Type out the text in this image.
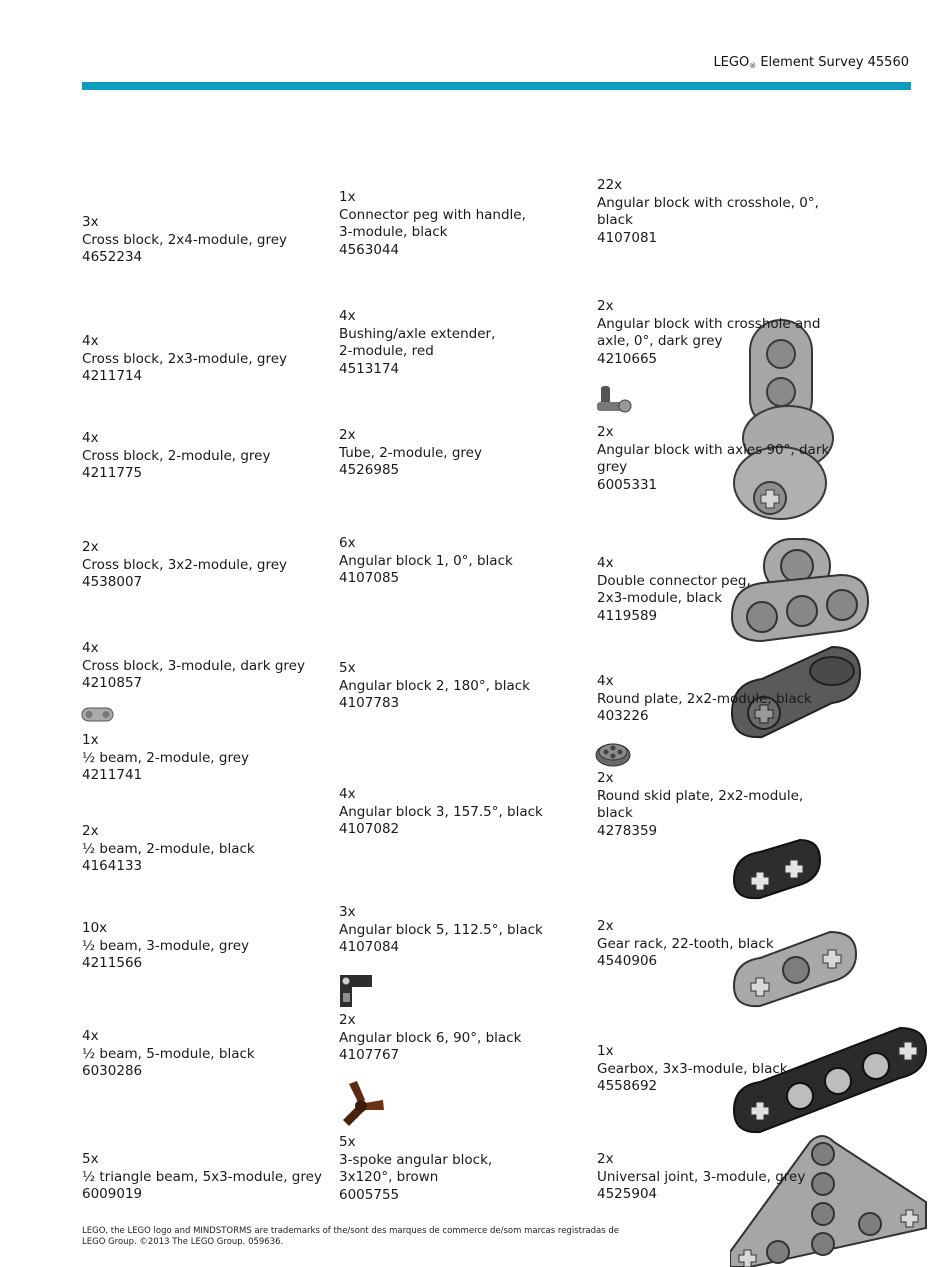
$LEGO_®$ Element Survey 45560
3x
Cross block, 2x4-module, grey
4652234
4x
Cross block, 2x3-module, grey
4211714
4x
Cross block, 2-module, grey
4211775
2x
Cross block, 3x2-module, grey
4538007
4x
Cross block, 3-module, dark grey
4210857
1x
½ beam, 2-module, grey
4211741
2x
½ beam, 2-module, black
4164133
10x
½ beam, 3-module, grey
4211566
4x
½ beam, 5-module, black
6030286
5x
½ triangle beam, 5x3-module, grey
6009019
1x
Connector peg with handle,
3-module, black
4563044
4x
Bushing/axle extender,
2-module, red
4513174
2x
Tube, 2-module, grey
4526985
6x
Angular block 1, 0°, black
4107085
5x
Angular block 2, 180°, black
4107783
4x
Angular block 3, 157.5°, black
4107082
3x
Angular block 5, 112.5°, black
4107084
2x
Angular block 6, 90°, black
4107767
5x
3-spoke angular block,
3x120°, brown
6005755
22x
Angular block with crosshole, 0°,
black
4107081
2x
Angular block with crosshole and
axle, 0°, dark grey
4210665
2x
Angular block with axles 90°, dark
grey
6005331
4x
Double connector peg,
2x3-module, black
4119589
4x
Round plate, 2x2-module, black
403226
2x
Round skid plate, 2x2-module,
black
4278359
2x
Gear rack, 22-tooth, black
4540906
1x
Gearbox, 3x3-module, black
4558692
2x
Universal joint, 3-module, grey
4525904
LEGO, the LEGO logo and MINDSTORMS are trademarks of the/sont des marques de commerce de/som marcas registradas de
LEGO Group. ©2013 The LEGO Group. 059636.
